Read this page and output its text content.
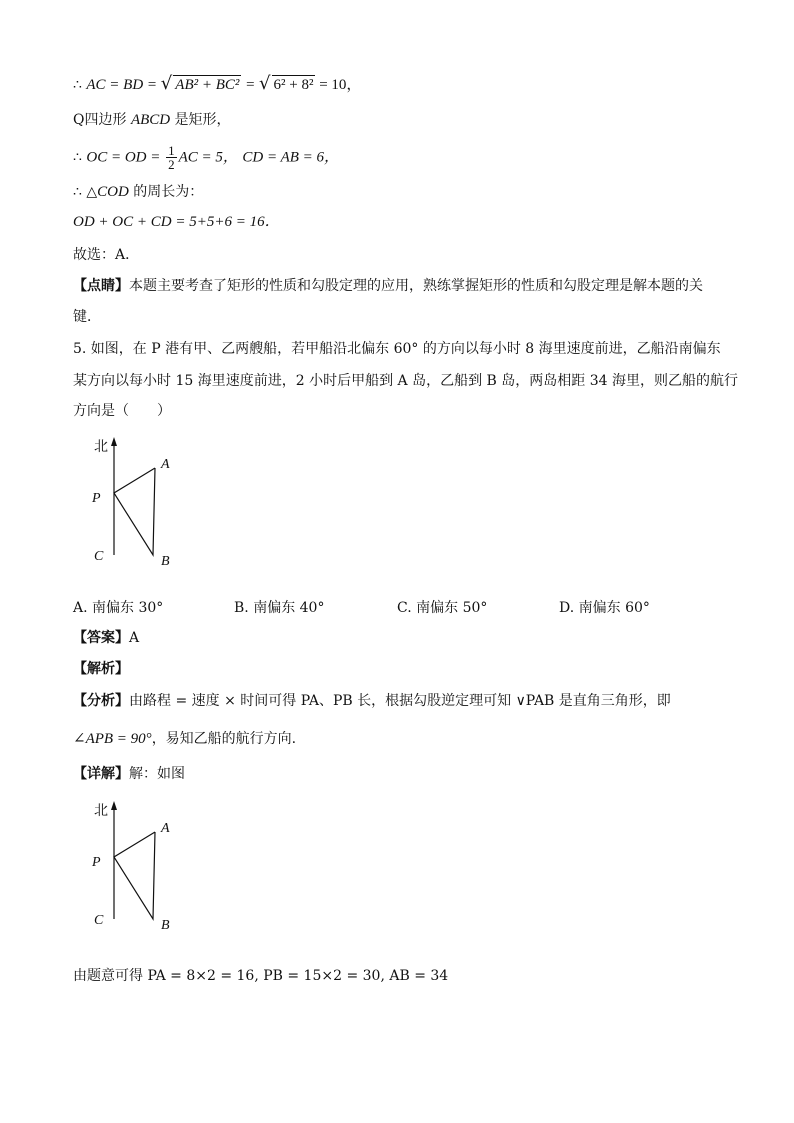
∴ AC = BD = √ AB² + BC² = √ 6² + 8² = 10，
Q四边形 ABCD 是矩形，
∴ OC = OD = $\frac{1}{2}$ AC = 5， CD = AB = 6，
∴ △COD 的周长为：
OD + OC + CD = 5+5+6 = 16．
故选：A．
【点睛】本题主要考查了矩形的性质和勾股定理的应用，熟练掌握矩形的性质和勾股定理是解本题的关
键．
5. 如图，在 P 港有甲、乙两艘船，若甲船沿北偏东 60° 的方向以每小时 8 海里速度前进，乙船沿南偏东
某方向以每小时 15 海里速度前进，2 小时后甲船到 A 岛，乙船到 B 岛，两岛相距 34 海里，则乙船的航行
方向是（　　）
北
A
P
C	B
A. 南偏东 30°	B. 南偏东 40°	C. 南偏东 50°	D. 南偏东 60°
【答案】A
【解析】
【分析】由路程 = 速度 × 时间可得 PA、PB 长，根据勾股逆定理可知 ∨PAB 是直角三角形，即
∠APB = 90°，易知乙船的航行方向.
【详解】解：如图
北
A
P
C	B
由题意可得 PA = 8×2 = 16, PB = 15×2 = 30, AB = 34
